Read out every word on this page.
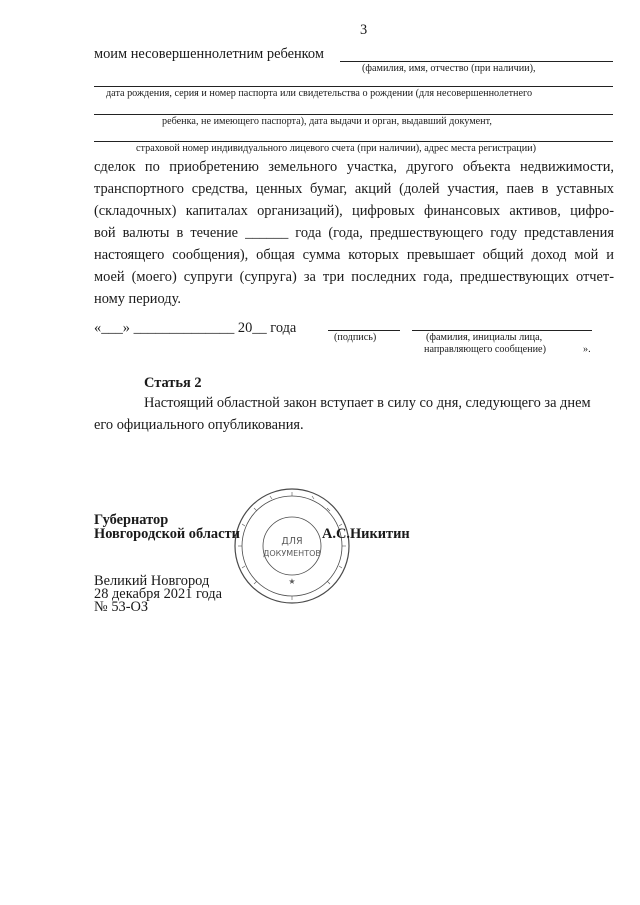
3
моим несовершеннолетним ребенком
(фамилия, имя, отчество (при наличии),
дата рождения, серия и номер паспорта или свидетельства о рождении (для несовершеннолетнего
ребенка, не имеющего паспорта), дата выдачи и орган, выдавший документ,
страховой номер индивидуального лицевого счета (при наличии), адрес места регистрации)
сделок по приобретению земельного участка, другого объекта недвижимости,
транспортного средства, ценных бумаг, акций (долей участия, паев в уставных
(складочных) капиталах организаций), цифровых финансовых активов, цифро-
вой валюты в течение ______ года (года, предшествующего году представления
настоящего сообщения), общая сумма которых превышает общий доход мой и
моей (моего) супруги (супруга) за три последних года, предшествующих отчет-
ному периоду.
«___» ______________ 20__ года
(подпись)	(фамилия, инициалы лица,
направляющего сообщение)	».
Статья 2
Настоящий областной закон вступает в силу со дня, следующего за днем
его официального опубликования.
ДЛЯ
ДОКУМЕНТОВ
★
Губернатор
Новгородской области	А.С.Никитин
Великий Новгород
28 декабря 2021 года
№ 53-ОЗ
